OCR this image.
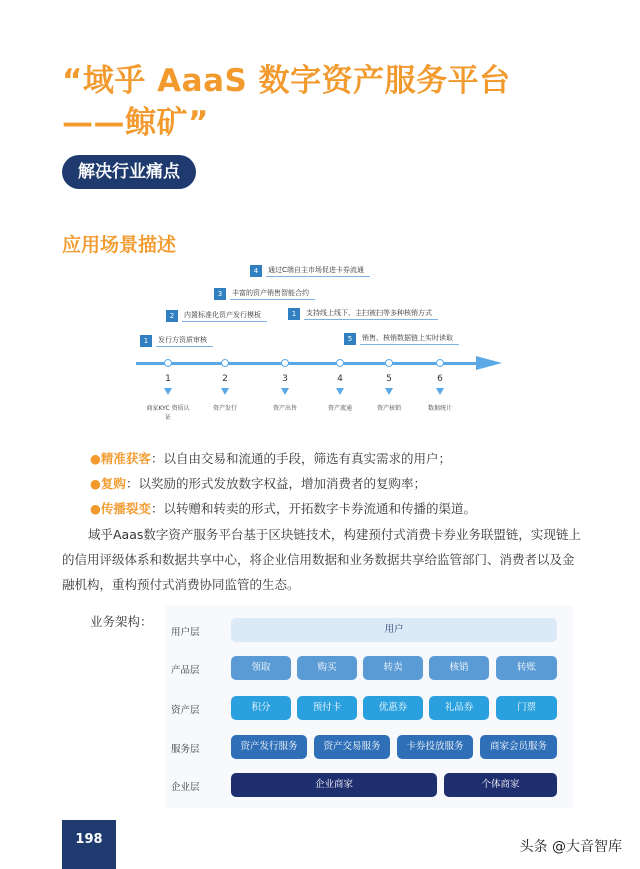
“域乎 AaaS 数字资产服务平台
——鲸矿”
解决行业痛点
应用场景描述
4	通过C端自主市场促进卡券流通
3	丰富的资产销售智能合约
2	内置标准化资产发行模板	1	支持线上线下、主扫被扫等多种核销方式
1	发行方资质审核	5	销售、核销数据链上实时读取
1	2	3	4	5	6
商家KYC 资质认证
资产发行	资产出售	资产流通	资产核销	数据统计
●精准获客：以自由交易和流通的手段，筛选有真实需求的用户；
●复购：以奖励的形式发放数字权益，增加消费者的复购率；
●传播裂变：以转赠和转卖的形式，开拓数字卡券流通和传播的渠道。
域乎Aaas数字资产服务平台基于区块链技术，构建预付式消费卡券业务联盟链，实现链上的信用评级体系和数据共享中心，将企业信用数据和业务数据共享给监管部门、消费者以及金融机构，重构预付式消费协同监管的生态。
业务架构：
用户层	用户
产品层	领取	购买	转卖	核销	转账
资产层	积分	预付卡	优惠券	礼品券	门票
服务层	资产发行服务	资产交易服务	卡券投放服务	商家会员服务
企业层	企业商家	个体商家
198	头条 @大音智库
